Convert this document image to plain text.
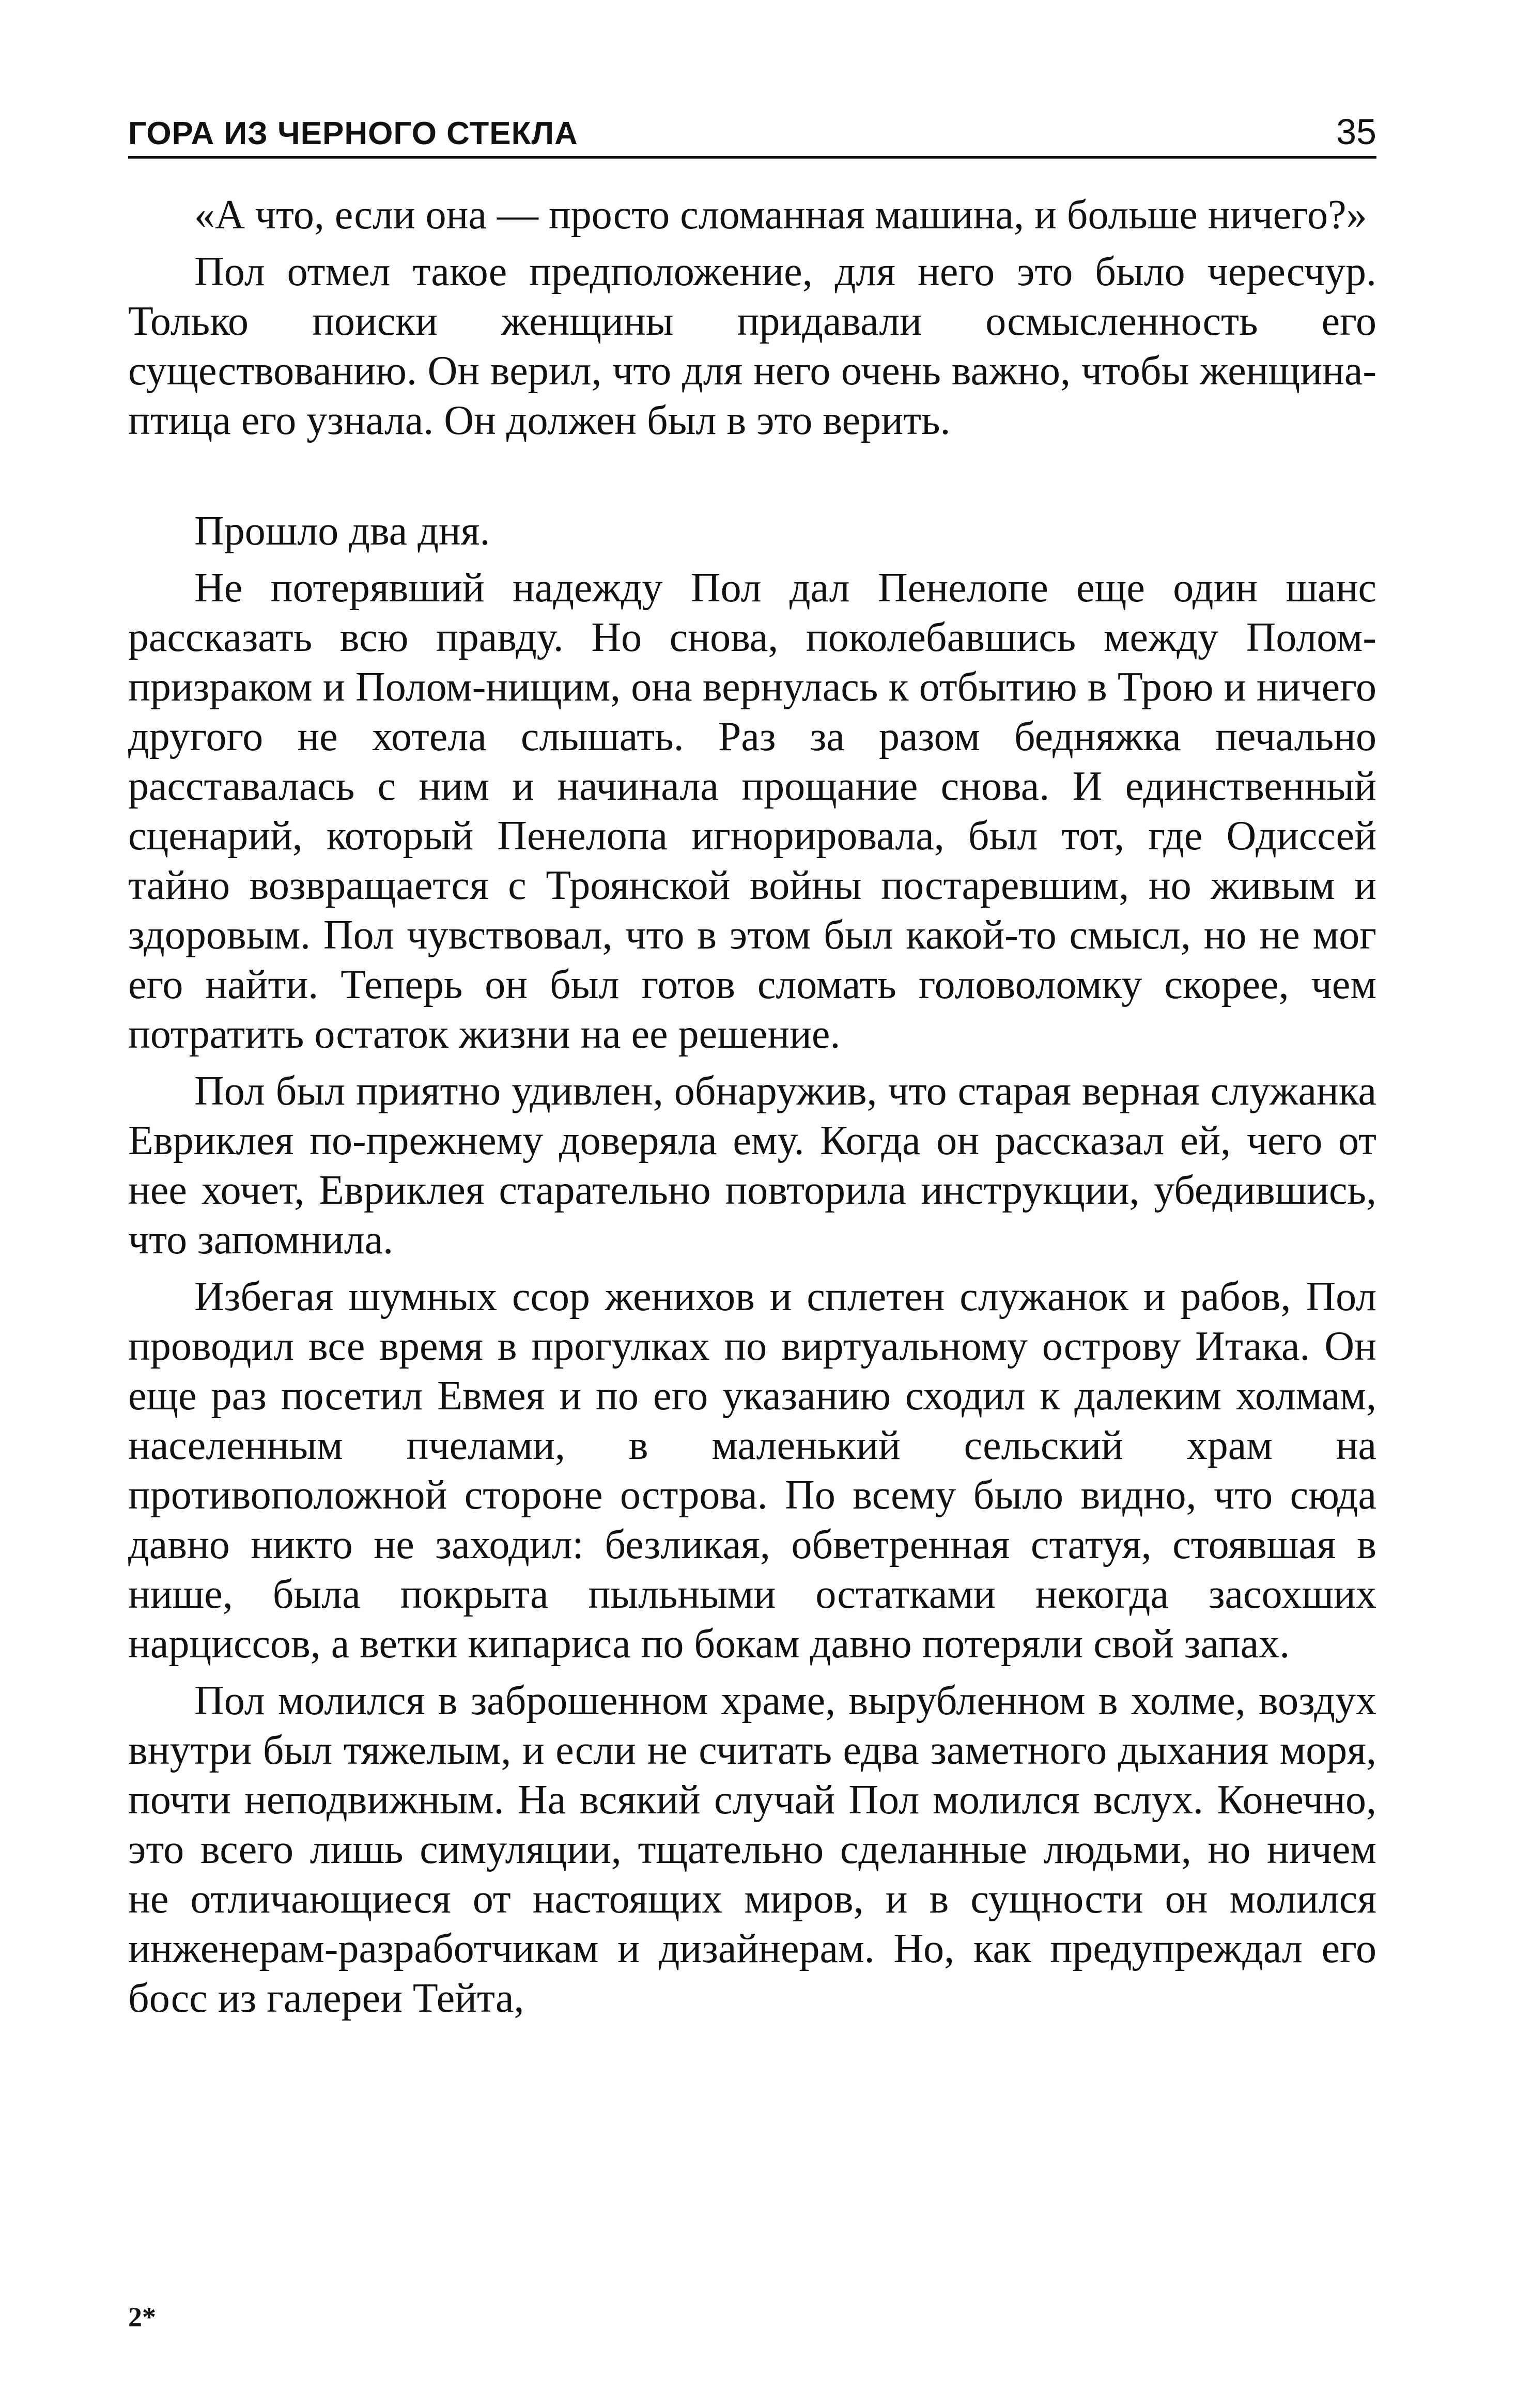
ГОРА ИЗ ЧЕРНОГО СТЕКЛА	35

«А что, если она — просто сломанная машина, и больше ничего?»

Пол отмел такое предположение, для него это было чересчур. Только поиски женщины придавали осмысленность его существованию. Он верил, что для него очень важно, чтобы женщина-птица его узнала. Он должен был в это верить.

Прошло два дня.

Не потерявший надежду Пол дал Пенелопе еще один шанс рассказать всю правду. Но снова, поколебавшись между Полом-призраком и Полом-нищим, она вернулась к отбытию в Трою и ничего другого не хотела слышать. Раз за разом бедняжка печально расставалась с ним и начинала прощание снова. И единственный сценарий, который Пенелопа игнорировала, был тот, где Одиссей тайно возвращается с Троянской войны постаревшим, но живым и здоровым. Пол чувствовал, что в этом был какой-то смысл, но не мог его найти. Теперь он был готов сломать головоломку скорее, чем потратить остаток жизни на ее решение.

Пол был приятно удивлен, обнаружив, что старая верная служанка Евриклея по-прежнему доверяла ему. Когда он рассказал ей, чего от нее хочет, Евриклея старательно повторила инструкции, убедившись, что запомнила.

Избегая шумных ссор женихов и сплетен служанок и рабов, Пол проводил все время в прогулках по виртуальному острову Итака. Он еще раз посетил Евмея и по его указанию сходил к далеким холмам, населенным пчелами, в маленький сельский храм на противоположной стороне острова. По всему было видно, что сюда давно никто не заходил: безликая, обветренная статуя, стоявшая в нише, была покрыта пыльными остатками некогда засохших нарциссов, а ветки кипариса по бокам давно потеряли свой запах.

Пол молился в заброшенном храме, вырубленном в холме, воздух внутри был тяжелым, и если не считать едва заметного дыхания моря, почти неподвижным. На всякий случай Пол молился вслух. Конечно, это всего лишь симуляции, тщательно сделанные людьми, но ничем не отличающиеся от настоящих миров, и в сущности он молился инженерам-разработчикам и дизайнерам. Но, как предупреждал его босс из галереи Тейта,

2*
